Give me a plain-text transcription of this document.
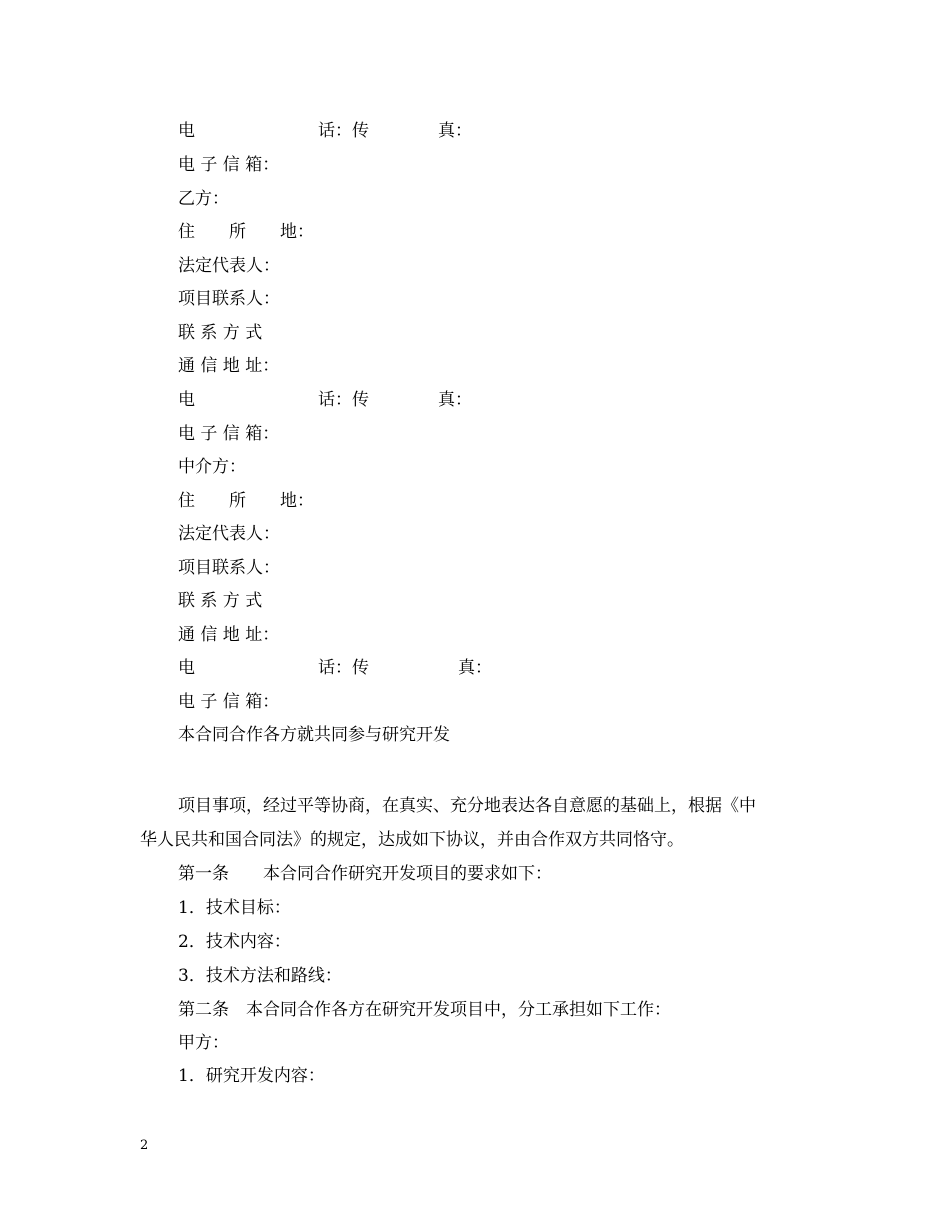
电	话：传	真：
电 子 信 箱：
乙方：
住　　所　　地：
法定代表人：
项目联系人：
联 系 方 式
通 信 地 址：
电	话：传	真：
电 子 信 箱：
中介方：
住　　所　　地：
法定代表人：
项目联系人：
联 系 方 式
通 信 地 址：
电	话：传	真：
电 子 信 箱：
本合同合作各方就共同参与研究开发
项目事项，经过平等协商，在真实、充分地表达各自意愿的基础上，根据《中
华人民共和国合同法》的规定，达成如下协议，并由合作双方共同恪守。
第一条　　本合同合作研究开发项目的要求如下：
1．技术目标：
2．技术内容：
3．技术方法和路线：
第二条　本合同合作各方在研究开发项目中，分工承担如下工作：
甲方：
1．研究开发内容：
2
